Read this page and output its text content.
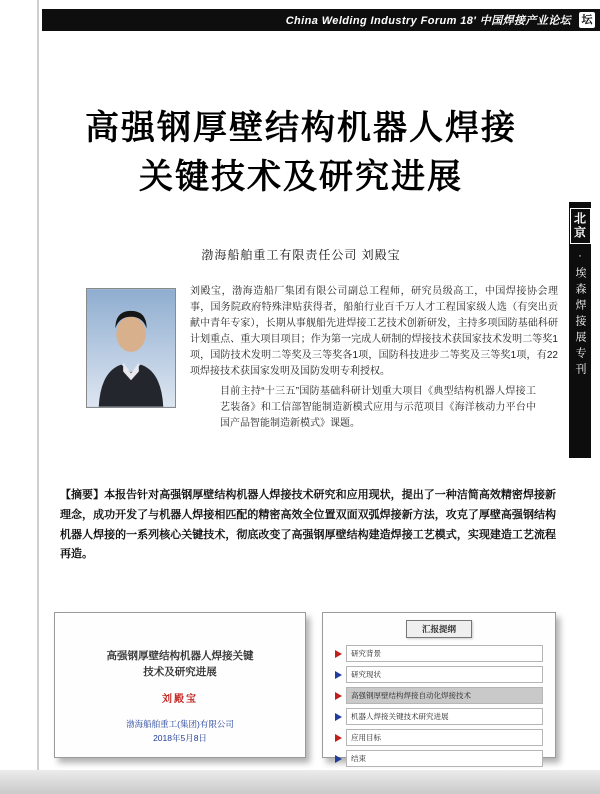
China Welding Industry Forum 18′ 中国焊接产业论坛 坛
北京
·埃森焊接展专刊
高强钢厚壁结构机器人焊接
关键技术及研究进展
渤海船舶重工有限责任公司 刘殿宝

刘殿宝，渤海造船厂集团有限公司副总工程师，研究员级高工，中国焊接协会理事，国务院政府特殊津贴获得者，船舶行业百千万人才工程国家级人选（有突出贡献中青年专家），长期从事舰船先进焊接工艺技术创新研发，主持多项国防基础科研计划重点、重大项目项目；作为第一完成人研制的焊接技术获国家技术发明二等奖1项，国防技术发明二等奖及三等奖各1项，国防科技进步二等奖及三等奖1项，有22项焊接技术获国家发明及国防发明专利授权。

目前主持“十三五”国防基础科研计划重大项目《典型结构机器人焊接工艺装备》和工信部智能制造新模式应用与示范项目《海洋核动力平台中国产品智能制造新模式》课题。

【摘要】本报告针对高强钢厚壁结构机器人焊接技术研究和应用现状，提出了一种洁简高效精密焊接新理念，成功开发了与机器人焊接相匹配的精密高效全位置双面双弧焊接新方法，攻克了厚壁高强钢结构机器人焊接的一系列核心关键技术，彻底改变了高强钢厚壁结构建造焊接工艺模式，实现建造工艺流程再造。
高强钢厚壁结构机器人焊接关键
技术及研究进展
刘殿宝
渤海船舶重工(集团)有限公司
2018年5月8日
汇报提纲
研究背景
研究现状
高强钢厚壁结构焊接自动化焊接技术
机器人焊接关键技术研究进展
应用目标
结束
